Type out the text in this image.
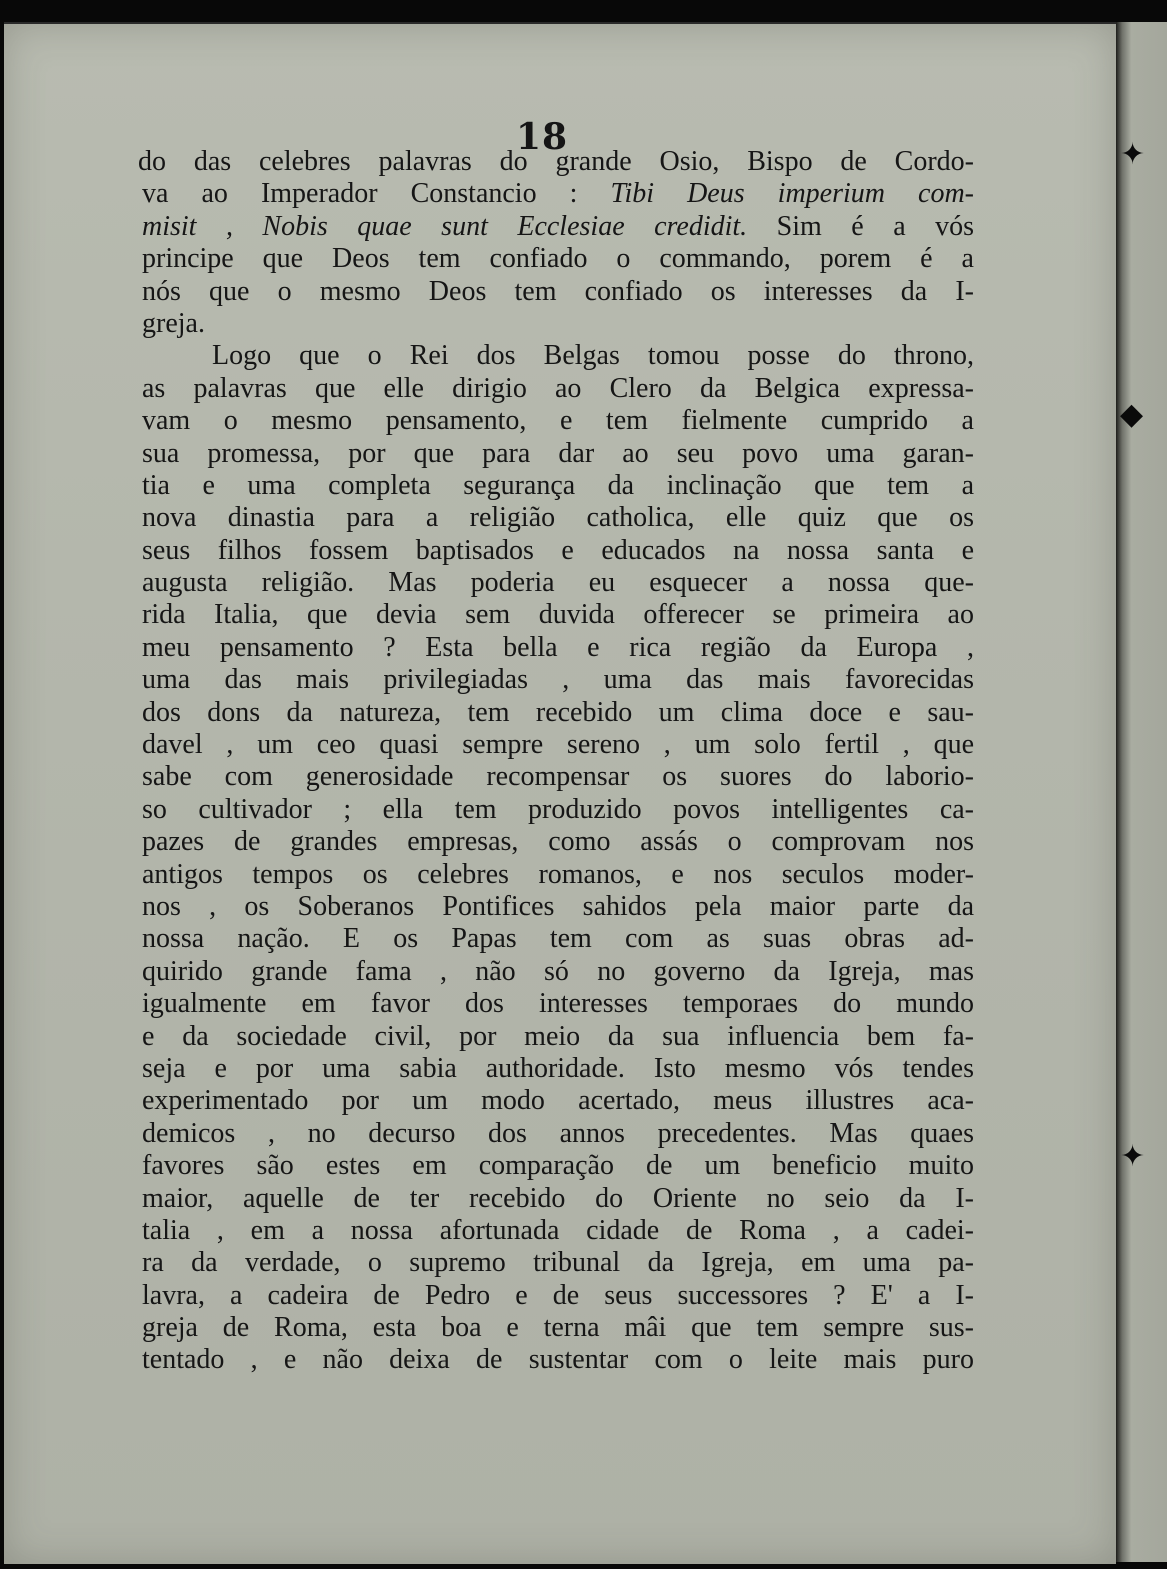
18	✦
◆
✦
do das celebres palavras do grande Osio, Bispo de Cordo-
va ao Imperador Constancio : Tibi Deus imperium com-
misit , Nobis quae sunt Ecclesiae credidit. Sim é a vós
principe que Deos tem confiado o commando, porem é a
nós que o mesmo Deos tem confiado os interesses da I-
greja.
Logo que o Rei dos Belgas tomou posse do throno,
as palavras que elle dirigio ao Clero da Belgica expressa-
vam o mesmo pensamento, e tem fielmente cumprido a
sua promessa, por que para dar ao seu povo uma garan-
tia e uma completa segurança da inclinação que tem a
nova dinastia para a religião catholica, elle quiz que os
seus filhos fossem baptisados e educados na nossa santa e
augusta religião. Mas poderia eu esquecer a nossa que-
rida Italia, que devia sem duvida offerecer se primeira ao
meu pensamento ? Esta bella e rica região da Europa ,
uma das mais privilegiadas , uma das mais favorecidas
dos dons da natureza, tem recebido um clima doce e sau-
davel , um ceo quasi sempre sereno , um solo fertil , que
sabe com generosidade recompensar os suores do laborio-
so cultivador ; ella tem produzido povos intelligentes ca-
pazes de grandes empresas, como assás o comprovam nos
antigos tempos os celebres romanos, e nos seculos moder-
nos , os Soberanos Pontifices sahidos pela maior parte da
nossa nação. E os Papas tem com as suas obras ad-
quirido grande fama , não só no governo da Igreja, mas
igualmente em favor dos interesses temporaes do mundo
e da sociedade civil, por meio da sua influencia bem fa-
seja e por uma sabia authoridade. Isto mesmo vós tendes
experimentado por um modo acertado, meus illustres aca-
demicos , no decurso dos annos precedentes. Mas quaes
favores são estes em comparação de um beneficio muito
maior, aquelle de ter recebido do Oriente no seio da I-
talia , em a nossa afortunada cidade de Roma , a cadei-
ra da verdade, o supremo tribunal da Igreja, em uma pa-
lavra, a cadeira de Pedro e de seus successores ? E' a I-
greja de Roma, esta boa e terna mâi que tem sempre sus-
tentado , e não deixa de sustentar com o leite mais puro
